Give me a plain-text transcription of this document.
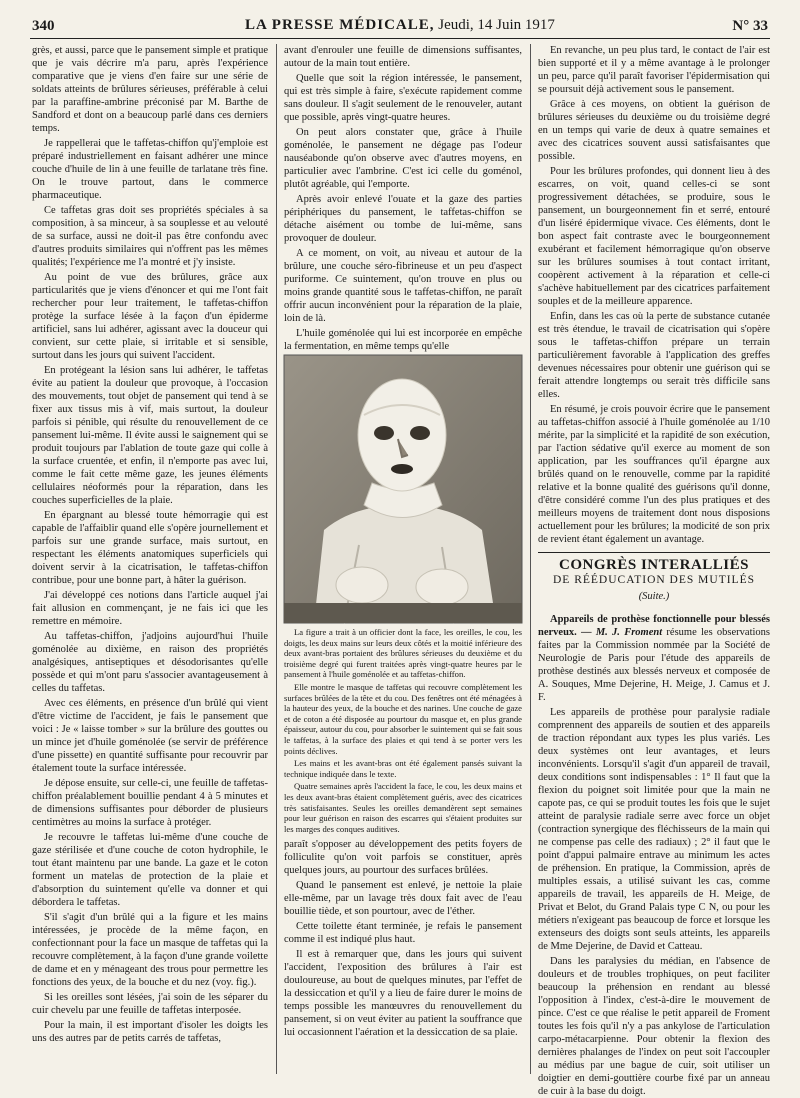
340	LA PRESSE MÉDICALE, Jeudi, 14 Juin 1917	N° 33

grès, et aussi, parce que le pansement simple et pratique que je vais décrire m'a paru, après l'expérience comparative que je viens d'en faire sur une série de soldats atteints de brûlures sérieuses, préférable à celui par la paraffine-ambrine préconisé par M. Barthe de Sandford et dont on a beaucoup parlé dans ces derniers temps.

Je rappellerai que le taffetas-chiffon qu'j'emploie est préparé industriellement en faisant adhérer une mince couche d'huile de lin à une feuille de tarlatane très fine. On le trouve partout, dans le commerce pharmaceutique.

Ce taffetas gras doit ses propriétés spéciales à sa composition, à sa minceur, à sa souplesse et au velouté de sa surface, aussi ne doit-il pas être confondu avec d'autres produits similaires qui n'offrent pas les mêmes qualités; l'expérience me l'a montré et j'y insiste.

Au point de vue des brûlures, grâce aux particularités que je viens d'énoncer et qui me l'ont fait rechercher pour leur traitement, le taffetas-chiffon protège la surface lésée à la façon d'un épiderme artificiel, sans lui adhérer, agissant avec la douceur qui convient, sur cette plaie, si irritable et si sensible, surtout dans les jours qui suivent l'accident.

En protégeant la lésion sans lui adhérer, le taffetas évite au patient la douleur que provoque, à l'occasion des mouvements, tout objet de pansement qui tend à se fixer aux tissus mis à vif, mais surtout, la douleur parfois si pénible, qui résulte du renouvellement de ce pansement lui-même. Il évite aussi le saignement qui se produit toujours par l'ablation de toute gaze qui colle à la surface cruentée, et enfin, il n'emporte pas avec lui, comme le fait cette même gaze, les jeunes éléments cellulaires néoformés pour la réparation, dans les couches superficielles de la plaie.

En épargnant au blessé toute hémorragie qui est capable de l'affaiblir quand elle s'opère journellement et parfois sur une grande surface, mais surtout, en respectant les éléments anatomiques superficiels qui doivent servir à la cicatrisation, le taffetas-chiffon contribue, pour une bonne part, à hâter la guérison.

J'ai développé ces notions dans l'article auquel j'ai fait allusion en commençant, je ne fais ici que les remettre en mémoire.

Au taffetas-chiffon, j'adjoins aujourd'hui l'huile goménolée au dixième, en raison des propriétés analgésiques, antiseptiques et désodorisantes qu'elle possède et qui m'ont paru s'associer avantageusement à celles du taffetas.

Avec ces éléments, en présence d'un brûlé qui vient d'être victime de l'accident, je fais le pansement que voici : Je « laisse tomber » sur la brûlure des gouttes ou un mince jet d'huile goménolée (se servir de préférence d'une pissette) en quantité suffisante pour recouvrir par étalement toute la surface intéressée.

Je dépose ensuite, sur celle-ci, une feuille de taffetas-chiffon préalablement bouillie pendant 4 à 5 minutes et de dimensions suffisantes pour déborder de plusieurs centimètres au moins la surface à protéger.

Je recouvre le taffetas lui-même d'une couche de gaze stérilisée et d'une couche de coton hydrophile, le tout étant maintenu par une bande. La gaze et le coton forment un matelas de protection de la plaie et d'absorption du suintement qu'elle va donner et qui débordera le taffetas.

S'il s'agit d'un brûlé qui a la figure et les mains intéressées, je procède de la même façon, en confectionnant pour la face un masque de taffetas qui la recouvre complètement, à la façon d'une grande voilette de dame et en y ménageant des trous pour permettre les fonctions des yeux, de la bouche et du nez (voy. fig.).

Si les oreilles sont lésées, j'ai soin de les séparer du cuir chevelu par une feuille de taffetas interposée.

Pour la main, il est important d'isoler les doigts les uns des autres par de petits carrés de taffetas,

avant d'enrouler une feuille de dimensions suffisantes, autour de la main tout entière.

Quelle que soit la région intéressée, le pansement, qui est très simple à faire, s'exécute rapidement comme sans douleur. Il s'agit seulement de le renouveler, autant que possible, après vingt-quatre heures.

On peut alors constater que, grâce à l'huile goménolée, le pansement ne dégage pas l'odeur nauséabonde qu'on observe avec d'autres moyens, en particulier avec l'ambrine. C'est ici celle du goménol, plutôt agréable, qui l'emporte.

Après avoir enlevé l'ouate et la gaze des parties périphériques du pansement, le taffetas-chiffon se détache aisément ou tombe de lui-même, sans provoquer de douleur.

A ce moment, on voit, au niveau et autour de la brûlure, une couche séro-fibrineuse et un peu d'aspect puriforme. Ce suintement, qu'on trouve en plus ou moins grande quantité sous le taffetas-chiffon, ne paraît offrir aucun inconvénient pour la réparation de la plaie, loin de là.

L'huile goménolée qui lui est incorporée en empêche la fermentation, en même temps qu'elle

La figure a trait à un officier dont la face, les oreilles, le cou, les doigts, les deux mains sur leurs deux côtés et la moitié inférieure des deux avant-bras portaient des brûlures sérieuses du deuxième et du troisième degré qui furent traitées après vingt-quatre heures par le pansement à l'huile goménolée et au taffetas-chiffon.

Elle montre le masque de taffetas qui recouvre complètement les surfaces brûlées de la tête et du cou. Des fenêtres ont été ménagées à la hauteur des yeux, de la bouche et des narines. Une couche de gaze et de coton a été disposée au pourtour du masque et, en plus grande épaisseur, autour du cou, pour absorber le suintement qui se fait sous le taffetas, à la surface des plaies et qui tend à se porter vers les points déclives.

Les mains et les avant-bras ont été également pansés suivant la technique indiquée dans le texte.

Quatre semaines après l'accident la face, le cou, les deux mains et les deux avant-bras étaient complètement guéris, avec des cicatrices très satisfaisantes. Seules les oreilles demandèrent sept semaines pour leur guérison en raison des escarres qui s'étaient produites sur les marges des conques auditives.

paraît s'opposer au développement des petits foyers de folliculite qu'on voit parfois se constituer, après quelques jours, au pourtour des surfaces brûlées.

Quand le pansement est enlevé, je nettoie la plaie elle-même, par un lavage très doux fait avec de l'eau bouillie tiède, et son pourtour, avec de l'éther.

Cette toilette étant terminée, je refais le pansement comme il est indiqué plus haut.

Il est à remarquer que, dans les jours qui suivent l'accident, l'exposition des brûlures à l'air est douloureuse, au bout de quelques minutes, par l'effet de la dessiccation et qu'il y a lieu de faire durer le moins de temps possible les manœuvres du renouvellement du pansement, si on veut éviter au patient la souffrance que lui occasionnent l'aération et la dessiccation de sa plaie.

En revanche, un peu plus tard, le contact de l'air est bien supporté et il y a même avantage à le prolonger un peu, parce qu'il paraît favoriser l'épidermisation qui se poursuit déjà activement sous le pansement.

Grâce à ces moyens, on obtient la guérison de brûlures sérieuses du deuxième ou du troisième degré en un temps qui varie de deux à quatre semaines et avec des cicatrices souvent aussi satisfaisantes que possible.

Pour les brûlures profondes, qui donnent lieu à des escarres, on voit, quand celles-ci se sont progressivement détachées, se produire, sous le pansement, un bourgeonnement fin et serré, entouré d'un liséré épidermique vivace. Ces éléments, dont le bon aspect fait contraste avec le bourgeonnement exubérant et facilement hémorragique qu'on observe sur les brûlures soumises à tout contact irritant, coopèrent activement à la réparation et celle-ci s'achève habituellement par des cicatrices parfaitement souples et de la meilleure apparence.

Enfin, dans les cas où la perte de substance cutanée est très étendue, le travail de cicatrisation qui s'opère sous le taffetas-chiffon prépare un terrain particulièrement favorable à l'application des greffes devenues nécessaires pour obtenir une guérison qui se ferait attendre longtemps ou serait très difficile sans elles.

En résumé, je crois pouvoir écrire que le pansement au taffetas-chiffon associé à l'huile goménolée au 1/10 mérite, par la simplicité et la rapidité de son exécution, par l'action sédative qu'il exerce au moment de son application, par les souffrances qu'il épargne aux brûlés quand on le renouvelle, comme par la rapidité relative et la bonne qualité des guérisons qu'il donne, d'être considéré comme l'un des plus pratiques et des meilleurs moyens de traitement dont nous disposions actuellement pour les brûlures; la modicité de son prix de revient étant également un avantage.

CONGRÈS INTERALLIÉS
DE RÉÉDUCATION DES MUTILÉS
(Suite.)

Appareils de prothèse fonctionnelle pour blessés nerveux. — M. J. Froment résume les observations faites par la Commission nommée par la Société de Neurologie de Paris pour l'étude des appareils de prothèse destinés aux blessés nerveux et composée de A. Souques, Mme Dejerine, H. Meige, J. Camus et J. F.

Les appareils de prothèse pour paralysie radiale comprennent des appareils de soutien et des appareils de traction répondant aux types les plus variés. Les deux systèmes ont leur avantages, et leurs inconvénients. Lorsqu'il s'agit d'un appareil de travail, deux conditions sont indispensables : 1° Il faut que la flexion du poignet soit limitée pour que la main ne capote pas, ce qui se produit toutes les fois que le sujet atteint de paralysie radiale serre avec force un objet (contraction synergique des fléchisseurs de la main qui ne compense pas celle des radiaux) ; 2° il faut que le point d'appui palmaire entrave au minimum les actes de préhension. En pratique, la Commission, après de multiples essais, a utilisé suivant les cas, comme appareils de travail, les appareils de H. Meige, de Privat et Belot, du Grand Palais type C N, ou pour les métiers n'exigeant pas beaucoup de force et lorsque les extenseurs des doigts sont seuls atteints, les appareils de Mme Dejerine, de David et Catteau.

Dans les paralysies du médian, en l'absence de douleurs et de troubles trophiques, on peut faciliter beaucoup la préhension en rendant au blessé l'opposition à l'index, c'est-à-dire le mouvement de pince. C'est ce que réalise le petit appareil de Froment toutes les fois qu'il n'y a pas ankylose de l'articulation carpo-métacarpienne. Pour obtenir la flexion des dernières phalanges de l'index on peut soit l'accoupler au médius par une bague de cuir, soit utiliser un doigtier en demi-gouttière courbe fixé par un anneau de cuir à la base du doigt.
